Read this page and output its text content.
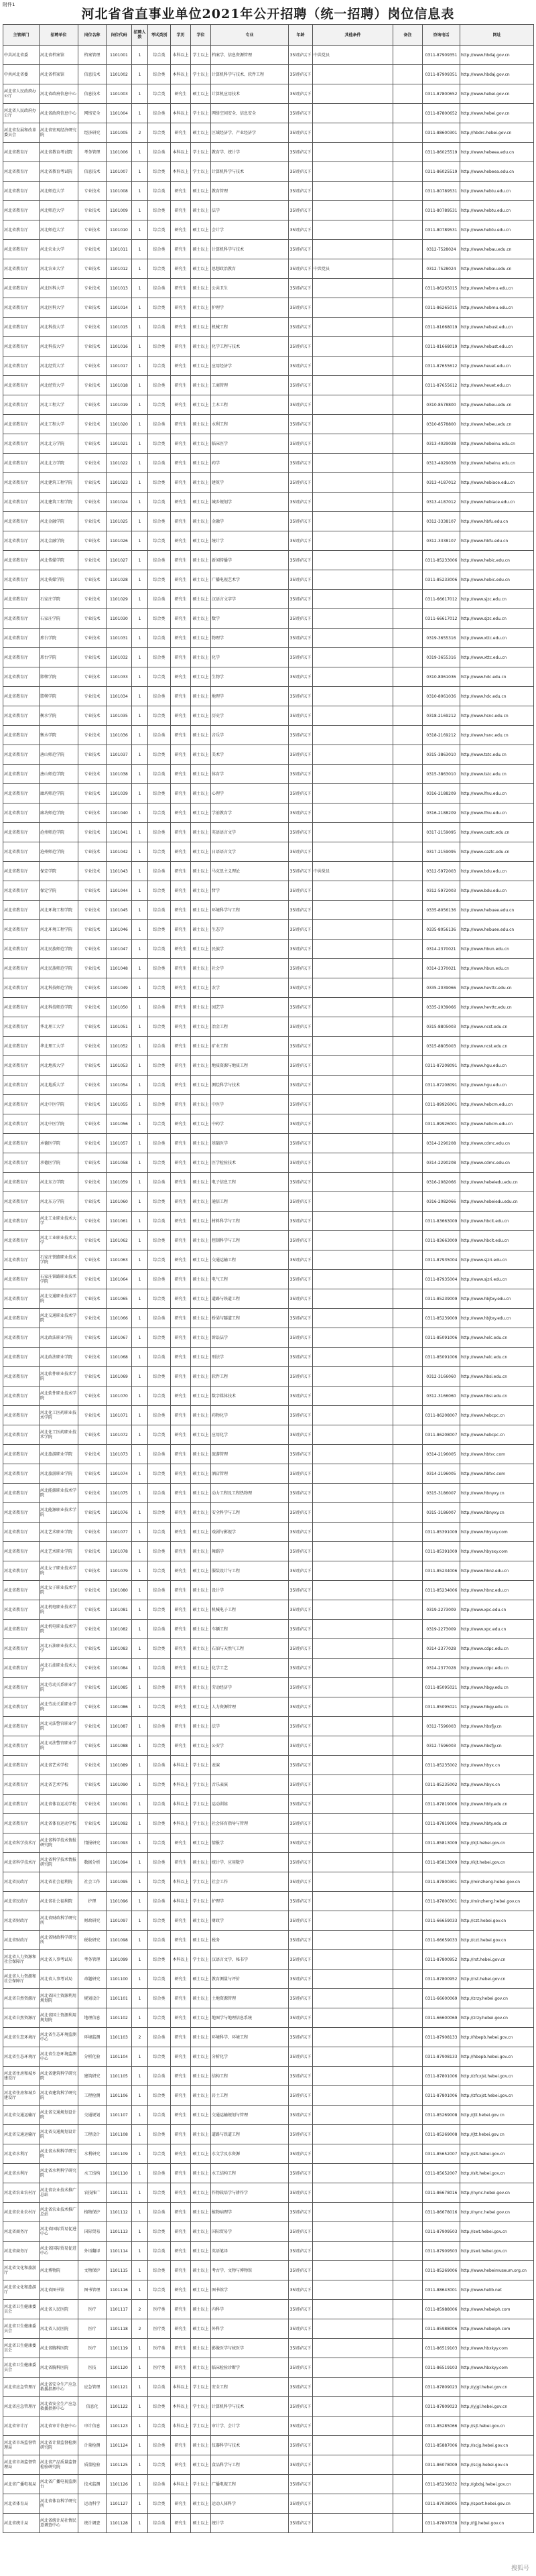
附件1
河北省省直事业单位2021年公开招聘（统一招聘）岗位信息表
主管部门	招聘单位	岗位名称	岗位代码	招聘人数	考试类别	学历	学位	专业	年龄	其他条件	备注	咨询电话	网址
中共河北省委	河北省档案馆	档案管理	1101001	1	综合类	本科以上	学士以上	档案学、信息资源管理	35周岁以下	中共党员		0311-87909351	http://www.hbdaj.gov.cn
中共河北省委	河北省档案馆	信息技术	1101002	1	综合类	本科以上	学士以上	计算机科学与技术、软件工程	35周岁以下			0311-87909351	http://www.hbdaj.gov.cn
河北省人民政府办公厅	河北省政府信息中心	信息技术	1101003	1	综合类	研究生	硕士以上	计算机应用技术	35周岁以下			0311-87800652	http://www.hebei.gov.cn
河北省人民政府办公厅	河北省政府信息中心	网络安全	1101004	1	综合类	本科以上	学士以上	网络空间安全、信息安全	35周岁以下			0311-87800652	http://www.hebei.gov.cn
河北省发展和改革委员会	河北省宏观经济研究院	经济研究	1101005	2	综合类	研究生	硕士以上	区域经济学、产业经济学	35周岁以下			0311-88600301	http://hbdrc.hebei.gov.cn
河北省教育厅	河北省教育考试院	考务管理	1101006	1	综合类	本科以上	学士以上	教育学、统计学	35周岁以下			0311-86025519	http://www.hebeea.edu.cn
河北省教育厅	河北省教育考试院	信息技术	1101007	1	综合类	本科以上	学士以上	计算机科学与技术	35周岁以下			0311-86025519	http://www.hebeea.edu.cn
河北省教育厅	河北师范大学	专业技术	1101008	1	综合类	研究生	硕士以上	教育管理	35周岁以下			0311-80789531	http://www.hebtu.edu.cn
河北省教育厅	河北师范大学	专业技术	1101009	1	综合类	研究生	硕士以上	法学	35周岁以下			0311-80789531	http://www.hebtu.edu.cn
河北省教育厅	河北师范大学	专业技术	1101010	1	综合类	研究生	硕士以上	会计学	35周岁以下			0311-80789531	http://www.hebtu.edu.cn
河北省教育厅	河北农业大学	专业技术	1101011	1	综合类	研究生	硕士以上	计算机科学与技术	35周岁以下			0312-7528024	http://www.hebau.edu.cn
河北省教育厅	河北农业大学	专业技术	1101012	1	综合类	研究生	硕士以上	思想政治教育	35周岁以下	中共党员		0312-7528024	http://www.hebau.edu.cn
河北省教育厅	河北医科大学	专业技术	1101013	1	综合类	研究生	硕士以上	公共卫生	35周岁以下			0311-86265015	http://www.hebmu.edu.cn
河北省教育厅	河北医科大学	专业技术	1101014	1	综合类	研究生	硕士以上	护理学	35周岁以下			0311-86265015	http://www.hebmu.edu.cn
河北省教育厅	河北科技大学	专业技术	1101015	1	综合类	研究生	硕士以上	机械工程	35周岁以下			0311-81668019	http://www.hebust.edu.cn
河北省教育厅	河北科技大学	专业技术	1101016	1	综合类	研究生	硕士以上	化学工程与技术	35周岁以下			0311-81668019	http://www.hebust.edu.cn
河北省教育厅	河北经贸大学	专业技术	1101017	1	综合类	研究生	硕士以上	应用经济学	35周岁以下			0311-87655612	http://www.heuet.edu.cn
河北省教育厅	河北经贸大学	专业技术	1101018	1	综合类	研究生	硕士以上	工商管理	35周岁以下			0311-87655612	http://www.heuet.edu.cn
河北省教育厅	河北工程大学	专业技术	1101019	1	综合类	研究生	硕士以上	土木工程	35周岁以下			0310-8578800	http://www.hebeu.edu.cn
河北省教育厅	河北工程大学	专业技术	1101020	1	综合类	研究生	硕士以上	水利工程	35周岁以下			0310-8578800	http://www.hebeu.edu.cn
河北省教育厅	河北北方学院	专业技术	1101021	1	综合类	研究生	硕士以上	临床医学	35周岁以下			0313-4029038	http://www.hebeinu.edu.cn
河北省教育厅	河北北方学院	专业技术	1101022	1	综合类	研究生	硕士以上	药学	35周岁以下			0313-4029038	http://www.hebeinu.edu.cn
河北省教育厅	河北建筑工程学院	专业技术	1101023	1	综合类	研究生	硕士以上	建筑学	35周岁以下			0313-4187012	http://www.hebiace.edu.cn
河北省教育厅	河北建筑工程学院	专业技术	1101024	1	综合类	研究生	硕士以上	城乡规划学	35周岁以下			0313-4187012	http://www.hebiace.edu.cn
河北省教育厅	河北金融学院	专业技术	1101025	1	综合类	研究生	硕士以上	金融学	35周岁以下			0312-3338107	http://www.hbfu.edu.cn
河北省教育厅	河北金融学院	专业技术	1101026	1	综合类	研究生	硕士以上	统计学	35周岁以下			0312-3338107	http://www.hbfu.edu.cn
河北省教育厅	河北传媒学院	专业技术	1101027	1	综合类	研究生	硕士以上	新闻传播学	35周岁以下			0311-85233006	http://www.hebic.edu.cn
河北省教育厅	河北传媒学院	专业技术	1101028	1	综合类	研究生	硕士以上	广播电视艺术学	35周岁以下			0311-85233006	http://www.hebic.edu.cn
河北省教育厅	石家庄学院	专业技术	1101029	1	综合类	研究生	硕士以上	汉语言文字学	35周岁以下			0311-66617012	http://www.sjzc.edu.cn
河北省教育厅	石家庄学院	专业技术	1101030	1	综合类	研究生	硕士以上	数学	35周岁以下			0311-66617012	http://www.sjzc.edu.cn
河北省教育厅	邢台学院	专业技术	1101031	1	综合类	研究生	硕士以上	物理学	35周岁以下			0319-3655316	http://www.xttc.edu.cn
河北省教育厅	邢台学院	专业技术	1101032	1	综合类	研究生	硕士以上	化学	35周岁以下			0319-3655316	http://www.xttc.edu.cn
河北省教育厅	邯郸学院	专业技术	1101033	1	综合类	研究生	硕士以上	生物学	35周岁以下			0310-8061036	http://www.hdc.edu.cn
河北省教育厅	邯郸学院	专业技术	1101034	1	综合类	研究生	硕士以上	地理学	35周岁以下			0310-8061036	http://www.hdc.edu.cn
河北省教育厅	衡水学院	专业技术	1101035	1	综合类	研究生	硕士以上	历史学	35周岁以下			0318-2169212	http://www.hsnc.edu.cn
河北省教育厅	衡水学院	专业技术	1101036	1	综合类	研究生	硕士以上	音乐学	35周岁以下			0318-2169212	http://www.hsnc.edu.cn
河北省教育厅	唐山师范学院	专业技术	1101037	1	综合类	研究生	硕士以上	美术学	35周岁以下			0315-3863010	http://www.tstc.edu.cn
河北省教育厅	唐山师范学院	专业技术	1101038	1	综合类	研究生	硕士以上	体育学	35周岁以下			0315-3863010	http://www.tstc.edu.cn
河北省教育厅	廊坊师范学院	专业技术	1101039	1	综合类	研究生	硕士以上	心理学	35周岁以下			0316-2188209	http://www.lfnu.edu.cn
河北省教育厅	廊坊师范学院	专业技术	1101040	1	综合类	研究生	硕士以上	学前教育学	35周岁以下			0316-2188209	http://www.lfnu.edu.cn
河北省教育厅	沧州师范学院	专业技术	1101041	1	综合类	研究生	硕士以上	英语语言文学	35周岁以下			0317-2159095	http://www.caztc.edu.cn
河北省教育厅	沧州师范学院	专业技术	1101042	1	综合类	研究生	硕士以上	日语语言文学	35周岁以下			0317-2159095	http://www.caztc.edu.cn
河北省教育厅	保定学院	专业技术	1101043	1	综合类	研究生	硕士以上	马克思主义理论	35周岁以下	中共党员		0312-5972003	http://www.bdu.edu.cn
河北省教育厅	保定学院	专业技术	1101044	1	综合类	研究生	硕士以上	哲学	35周岁以下			0312-5972003	http://www.bdu.edu.cn
河北省教育厅	河北环境工程学院	专业技术	1101045	1	综合类	研究生	硕士以上	环境科学与工程	35周岁以下			0335-8056136	http://www.hebuee.edu.cn
河北省教育厅	河北环境工程学院	专业技术	1101046	1	综合类	研究生	硕士以上	生态学	35周岁以下			0335-8056136	http://www.hebuee.edu.cn
河北省教育厅	河北民族师范学院	专业技术	1101047	1	综合类	研究生	硕士以上	民族学	35周岁以下			0314-2370021	http://www.hbun.edu.cn
河北省教育厅	河北民族师范学院	专业技术	1101048	1	综合类	研究生	硕士以上	社会学	35周岁以下			0314-2370021	http://www.hbun.edu.cn
河北省教育厅	河北科技师范学院	专业技术	1101049	1	综合类	研究生	硕士以上	农学	35周岁以下			0335-2039066	http://www.hevttc.edu.cn
河北省教育厅	河北科技师范学院	专业技术	1101050	1	综合类	研究生	硕士以上	园艺学	35周岁以下			0335-2039066	http://www.hevttc.edu.cn
河北省教育厅	华北理工大学	专业技术	1101051	1	综合类	研究生	硕士以上	冶金工程	35周岁以下			0315-8805003	http://www.ncst.edu.cn
河北省教育厅	华北理工大学	专业技术	1101052	1	综合类	研究生	硕士以上	矿业工程	35周岁以下			0315-8805003	http://www.ncst.edu.cn
河北省教育厅	河北地质大学	专业技术	1101053	1	综合类	研究生	硕士以上	地质资源与地质工程	35周岁以下			0311-87208091	http://www.hgu.edu.cn
河北省教育厅	河北地质大学	专业技术	1101054	1	综合类	研究生	硕士以上	测绘科学与技术	35周岁以下			0311-87208091	http://www.hgu.edu.cn
河北省教育厅	河北中医学院	专业技术	1101055	1	综合类	研究生	硕士以上	中医学	35周岁以下			0311-89926001	http://www.hebcm.edu.cn
河北省教育厅	河北中医学院	专业技术	1101056	1	综合类	研究生	硕士以上	中药学	35周岁以下			0311-89926001	http://www.hebcm.edu.cn
河北省教育厅	承德医学院	专业技术	1101057	1	综合类	研究生	硕士以上	基础医学	35周岁以下			0314-2290208	http://www.cdmc.edu.cn
河北省教育厅	承德医学院	专业技术	1101058	1	综合类	研究生	硕士以上	医学检验技术	35周岁以下			0314-2290208	http://www.cdmc.edu.cn
河北省教育厅	河北东方学院	专业技术	1101059	1	综合类	研究生	硕士以上	电子信息工程	35周岁以下			0316-2082066	http://www.hebeiedu.edu.cn
河北省教育厅	河北东方学院	专业技术	1101060	1	综合类	研究生	硕士以上	通信工程	35周岁以下			0316-2082066	http://www.hebeiedu.edu.cn
河北省教育厅	河北工业职业技术大学	专业技术	1101061	1	综合类	研究生	硕士以上	材料科学与工程	35周岁以下			0311-83663009	http://www.hbcit.edu.cn
河北省教育厅	河北工业职业技术大学	专业技术	1101062	1	综合类	研究生	硕士以上	控制科学与工程	35周岁以下			0311-83663009	http://www.hbcit.edu.cn
河北省教育厅	石家庄铁路职业技术学院	专业技术	1101063	1	综合类	研究生	硕士以上	交通运输工程	35周岁以下			0311-87935004	http://www.sjzri.edu.cn
河北省教育厅	石家庄铁路职业技术学院	专业技术	1101064	1	综合类	研究生	硕士以上	电气工程	35周岁以下			0311-87935004	http://www.sjzri.edu.cn
河北省教育厅	河北交通职业技术学院	专业技术	1101065	1	综合类	研究生	硕士以上	道路与铁道工程	35周岁以下			0311-85239009	http://www.hbjtxy.edu.cn
河北省教育厅	河北交通职业技术学院	专业技术	1101066	1	综合类	研究生	硕士以上	桥梁与隧道工程	35周岁以下			0311-85239009	http://www.hbjtxy.edu.cn
河北省教育厅	河北政法职业学院	专业技术	1101067	1	综合类	研究生	硕士以上	诉讼法学	35周岁以下			0311-85091006	http://www.helc.edu.cn
河北省教育厅	河北政法职业学院	专业技术	1101068	1	综合类	研究生	硕士以上	刑法学	35周岁以下			0311-85091006	http://www.helc.edu.cn
河北省教育厅	河北软件职业技术学院	专业技术	1101069	1	综合类	研究生	硕士以上	软件工程	35周岁以下			0312-3166060	http://www.hbsi.edu.cn
河北省教育厅	河北软件职业技术学院	专业技术	1101070	1	综合类	研究生	硕士以上	数字媒体技术	35周岁以下			0312-3166060	http://www.hbsi.edu.cn
河北省教育厅	河北化工医药职业技术学院	专业技术	1101071	1	综合类	研究生	硕士以上	药物化学	35周岁以下			0311-86208007	http://www.hebcpc.cn
河北省教育厅	河北化工医药职业技术学院	专业技术	1101072	1	综合类	研究生	硕士以上	应用化学	35周岁以下			0311-86208007	http://www.hebcpc.cn
河北省教育厅	河北旅游职业学院	专业技术	1101073	1	综合类	研究生	硕士以上	旅游管理	35周岁以下			0314-2196005	http://www.hbtvc.com
河北省教育厅	河北旅游职业学院	专业技术	1101074	1	综合类	研究生	硕士以上	酒店管理	35周岁以下			0314-2196005	http://www.hbtvc.com
河北省教育厅	河北能源职业技术学院	专业技术	1101075	1	综合类	研究生	硕士以上	动力工程及工程热物理	35周岁以下			0315-3186007	http://www.hbnyxy.cn
河北省教育厅	河北能源职业技术学院	专业技术	1101076	1	综合类	研究生	硕士以上	安全科学与工程	35周岁以下			0315-3186007	http://www.hbnyxy.cn
河北省教育厅	河北艺术职业学院	专业技术	1101077	1	综合类	研究生	硕士以上	戏剧与影视学	35周岁以下			0311-85391009	http://www.hbysxy.com
河北省教育厅	河北艺术职业学院	专业技术	1101078	1	综合类	研究生	硕士以上	舞蹈学	35周岁以下			0311-85391009	http://www.hbysxy.com
河北省教育厅	河北女子职业技术学院	专业技术	1101079	1	综合类	研究生	硕士以上	服装设计与工程	35周岁以下			0311-85234006	http://www.hbnz.edu.cn
河北省教育厅	河北女子职业技术学院	专业技术	1101080	1	综合类	研究生	硕士以上	设计学	35周岁以下			0311-85234006	http://www.hbnz.edu.cn
河北省教育厅	河北机电职业技术学院	专业技术	1101081	1	综合类	研究生	硕士以上	机械电子工程	35周岁以下			0319-2273009	http://www.xpc.edu.cn
河北省教育厅	河北机电职业技术学院	专业技术	1101082	1	综合类	研究生	硕士以上	车辆工程	35周岁以下			0319-2273009	http://www.xpc.edu.cn
河北省教育厅	河北石油职业技术大学	专业技术	1101083	1	综合类	研究生	硕士以上	石油与天然气工程	35周岁以下			0314-2377028	http://www.cdpc.edu.cn
河北省教育厅	河北石油职业技术大学	专业技术	1101084	1	综合类	研究生	硕士以上	化学工艺	35周岁以下			0314-2377028	http://www.cdpc.edu.cn
河北省教育厅	河北劳动关系职业学院	专业技术	1101085	1	综合类	研究生	硕士以上	劳动经济学	35周岁以下			0311-85095021	http://www.hbgy.edu.cn
河北省教育厅	河北劳动关系职业学院	专业技术	1101086	1	综合类	研究生	硕士以上	人力资源管理	35周岁以下			0311-85095021	http://www.hbgy.edu.cn
河北省教育厅	河北司法警官职业学院	专业技术	1101087	1	综合类	研究生	硕士以上	法学	35周岁以下			0312-7596003	http://www.hbsfjy.cn
河北省教育厅	河北司法警官职业学院	专业技术	1101088	1	综合类	研究生	硕士以上	公安学	35周岁以下			0312-7596003	http://www.hbsfjy.cn
河北省教育厅	河北省艺术学校	专业技术	1101089	1	综合类	本科以上	学士以上	表演	35周岁以下			0311-85235002	http://www.hbyx.cn
河北省教育厅	河北省艺术学校	专业技术	1101090	1	综合类	本科以上	学士以上	音乐表演	35周岁以下			0311-85235002	http://www.hbyx.cn
河北省教育厅	河北省体育运动学校	专业技术	1101091	1	综合类	本科以上	学士以上	运动训练	35周岁以下			0311-87819006	http://www.hbty.edu.cn
河北省教育厅	河北省体育运动学校	专业技术	1101092	1	综合类	本科以上	学士以上	社会体育指导与管理	35周岁以下			0311-87819006	http://www.hbty.edu.cn
河北省科学技术厅	河北省科学技术情报研究院	情报研究	1101093	1	综合类	研究生	硕士以上	情报学	35周岁以下			0311-85813009	http://kjt.hebei.gov.cn
河北省科学技术厅	河北省科学技术情报研究院	数据分析	1101094	1	综合类	研究生	硕士以上	统计学、应用数学	35周岁以下			0311-85813009	http://kjt.hebei.gov.cn
河北省民政厅	河北省社会福利院	社会工作	1101095	1	综合类	本科以上	学士以上	社会工作	35周岁以下			0311-87800301	http://minzheng.hebei.gov.cn
河北省民政厅	河北省社会福利院	护理	1101096	1	综合类	本科以上	学士以上	护理学	35周岁以下			0311-87800301	http://minzheng.hebei.gov.cn
河北省财政厅	河北省财政科学研究所	财政研究	1101097	1	综合类	研究生	硕士以上	财政学	35周岁以下			0311-66659033	http://czt.hebei.gov.cn
河北省财政厅	河北省财政科学研究所	税收研究	1101098	1	综合类	研究生	硕士以上	税务	35周岁以下			0311-66659033	http://czt.hebei.gov.cn
河北省人力资源和社会保障厅	河北省人事考试局	考务管理	1101099	1	综合类	本科以上	学士以上	汉语言文学、秘书学	35周岁以下			0311-87800952	http://rst.hebei.gov.cn
河北省人力资源和社会保障厅	河北省人事考试局	命题研究	1101100	1	综合类	研究生	硕士以上	教育测量与评价	35周岁以下			0311-87800952	http://rst.hebei.gov.cn
河北省自然资源厅	河北省国土资源利用规划院	规划设计	1101101	1	综合类	研究生	硕士以上	土地资源管理	35周岁以下			0311-66600069	http://zrzy.hebei.gov.cn
河北省自然资源厅	河北省国土资源利用规划院	地理信息	1101102	1	综合类	研究生	硕士以上	地图学与地理信息系统	35周岁以下			0311-66600069	http://zrzy.hebei.gov.cn
河北省生态环境厅	河北省生态环境监测中心	环境监测	1101103	2	综合类	研究生	硕士以上	环境科学、环境工程	35周岁以下			0311-87908133	http://hbepb.hebei.gov.cn
河北省生态环境厅	河北省生态环境监测中心	分析化验	1101104	1	综合类	研究生	硕士以上	分析化学	35周岁以下			0311-87908133	http://hbepb.hebei.gov.cn
河北省住房和城乡建设厅	河北省建筑科学研究院	建筑研究	1101105	1	综合类	研究生	硕士以上	结构工程	35周岁以下			0311-87801006	http://zfcxjst.hebei.gov.cn
河北省住房和城乡建设厅	河北省建筑科学研究院	工程检测	1101106	1	综合类	研究生	硕士以上	岩土工程	35周岁以下			0311-87801006	http://zfcxjst.hebei.gov.cn
河北省交通运输厅	河北省交通规划设计院	交通规划	1101107	1	综合类	研究生	硕士以上	交通运输规划与管理	35周岁以下			0311-85269008	http://jtt.hebei.gov.cn
河北省交通运输厅	河北省交通规划设计院	工程设计	1101108	1	综合类	研究生	硕士以上	道路与铁道工程	35周岁以下			0311-85269008	http://jtt.hebei.gov.cn
河北省水利厅	河北省水利科学研究院	水利研究	1101109	1	综合类	研究生	硕士以上	水文学及水资源	35周岁以下			0311-85652007	http://slt.hebei.gov.cn
河北省水利厅	河北省水利科学研究院	水工结构	1101110	1	综合类	研究生	硕士以上	水工结构工程	35周岁以下			0311-85652007	http://slt.hebei.gov.cn
河北省农业农村厅	河北省农业技术推广总站	农技推广	1101111	1	综合类	研究生	硕士以上	作物栽培学与耕作学	35周岁以下			0311-86678016	http://nync.hebei.gov.cn
河北省农业农村厅	河北省农业技术推广总站	植物保护	1101112	1	综合类	研究生	硕士以上	植物病理学	35周岁以下			0311-86678016	http://nync.hebei.gov.cn
河北省商务厅	河北省国际贸易促进中心	国际贸易	1101113	1	综合类	研究生	硕士以上	国际贸易学	35周岁以下			0311-87909503	http://swt.hebei.gov.cn
河北省商务厅	河北省国际贸易促进中心	外语翻译	1101114	1	综合类	研究生	硕士以上	英语笔译	35周岁以下			0311-87909503	http://swt.hebei.gov.cn
河北省文化和旅游厅	河北博物院	文物保护	1101115	1	综合类	研究生	硕士以上	考古学、文物与博物馆	35周岁以下			0311-85269006	http://www.hebeimuseum.org.cn
河北省文化和旅游厅	河北省图书馆	图书管理	1101116	1	综合类	研究生	硕士以上	图书馆学	35周岁以下			0311-88643001	http://www.helib.net
河北省卫生健康委员会	河北省人民医院	医疗	1101117	2	医疗类	研究生	硕士以上	内科学	35周岁以下			0311-85988006	http://www.hebeiph.com
河北省卫生健康委员会	河北省人民医院	医疗	1101118	2	医疗类	研究生	硕士以上	外科学	35周岁以下			0311-85988006	http://www.hebeiph.com
河北省卫生健康委员会	河北省胸科医院	医疗	1101119	1	医疗类	研究生	硕士以上	影像医学与核医学	35周岁以下			0311-86519103	http://www.hbxkyy.com
河北省卫生健康委员会	河北省胸科医院	医技	1101120	1	医疗类	研究生	硕士以上	临床检验诊断学	35周岁以下			0311-86519103	http://www.hbxkyy.com
河北省应急管理厅	河北省安全生产应急救援指挥中心	应急管理	1101121	1	综合类	本科以上	学士以上	安全工程	35周岁以下			0311-87809023	http://yjgl.hebei.gov.cn
河北省应急管理厅	河北省安全生产应急救援指挥中心	信息化	1101122	1	综合类	本科以上	学士以上	计算机科学与技术	35周岁以下			0311-87809023	http://yjgl.hebei.gov.cn
河北省审计厅	河北省审计信息中心	审计信息	1101123	1	综合类	本科以上	学士以上	审计学、会计学	35周岁以下			0311-85285066	http://sjt.hebei.gov.cn
河北省市场监督管理局	河北省计量监督检测研究院	计量检测	1101124	1	综合类	研究生	硕士以上	仪器科学与技术	35周岁以下			0311-85887006	http://scjg.hebei.gov.cn
河北省市场监督管理局	河北省产品质量监督检验研究院	质量检验	1101125	1	综合类	研究生	硕士以上	食品科学与工程	35周岁以下			0311-86078009	http://scjg.hebei.gov.cn
河北省广播电视局	河北省广播电视监测台	技术监测	1101126	1	综合类	本科以上	学士以上	广播电视工程	35周岁以下			0311-85239032	http://gbdsj.hebei.gov.cn
河北省体育局	河北省体育科学研究所	运动科学	1101127	1	综合类	研究生	硕士以上	运动人体科学	35周岁以下			0311-87038005	http://sport.hebei.gov.cn
河北省统计局	河北省统计局社情民意调查中心	统计调查	1101128	1	综合类	研究生	硕士以上	统计学	35周岁以下			0311-87807038	http://tjj.hebei.gov.cn
搜狐号
